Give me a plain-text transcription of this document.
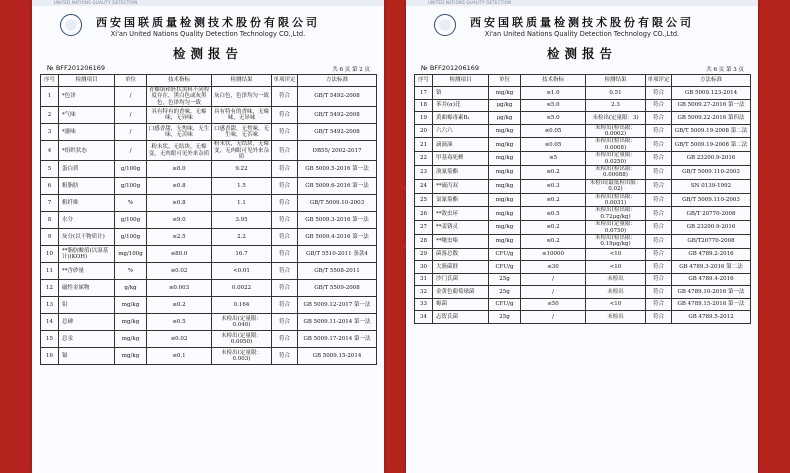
UNITED NATIONS QUALITY DETECTION
西安国联质量检测技术股份有限公司
Xi'an United Nations Quality Detection Technology CO.,Ltd.
检测报告
№ BFF201206169	共 6 页 第 2 页
序号	检测项目	单位	技术指标	检测结果	单项评定	方法标准
1	*色泽	/	青稞填和胚状黑料不同程度存在，黑白色或灰黑色，色泽均匀一致	灰白色，色泽均匀一致	符合	GB/T 5492-2008
2	*气味	/	具有特有的香味，无霉味，无异味	具有特有的香味，无霉味，无异味	符合	GB/T 5492-2008
3	*滋味	/	口感香甜，无焦味，无生味，无苦味	口感香甜，无焦味，无生味，无苦味	符合	GB/T 5492-2008
4	*组织状态	/	粉末状，无结块，无霉变，无肉眼可见外来杂质	粉末状，无结块，无霉变，无肉眼可见外来杂质	符合	DB55/ 2002-2017
5	蛋白质	g/100g	≥8.0	9.22	符合	GB 5009.5-2016 第一法
6	粗脂肪	g/100g	≥0.8	1.5	符合	GB 5009.6-2016 第一法
7	粗纤维	%	≥0.8	1.1	符合	GB/T 5009.10-2003
8	水分	g/100g	≤9.0	3.95	符合	GB 5009.3-2016 第一法
9	灰分(以干物质计)	g/100g	≤2.5	2.2	符合	GB 5009.4-2016 第一法
10	**脂肪酸值(以湿基计)(KOH)	mg/100g	≤80.0	16.7	符合	GB/T 5510-2011 条款4
11	**含砂量	%	≤0.02	<0.01	符合	GB/T 5508-2011
12	磁性金属物	g/kg	≤0.003	0.0022	符合	GB/T 5509-2008
13	铅	mg/kg	≤0.2	0.164	符合	GB 5009.12-2017 第一法
14	总砷	mg/kg	≤0.5	未检出(定量限：0.040)	符合	GB 5009.11-2014 第一法
15	总汞	mg/kg	≤0.02	未检出(定量限：0.0050)	符合	GB 5009.17-2014 第一法
16	镉	mg/kg	≤0.1	未检出(定量限：0.003)	符合	GB 5009.15-2014
UNITED NATIONS QUALITY DETECTION
西安国联质量检测技术股份有限公司
Xi'an United Nations Quality Detection Technology CO.,Ltd.
检测报告
№ BFF201206169	共 6 页 第 3 页
序号	检测项目	单位	技术指标	检测结果	单项评定	方法标准
17	铬	mg/kg	≤1.0	0.51	符合	GB 5009.123-2014
18	苯并(α)芘	μg/kg	≤5.0	2.3	符合	GB 5009.27-2016 第一法
19	黄曲霉毒素B₁	μg/kg	≤5.0	未检出(定量限：3)	符合	GB 5009.22-2016 第四法
20	六六六	mg/kg	≤0.05	未检出(检出限：0.0002)	符合	GB/T 5009.19-2008 第二法
21	滴滴涕	mg/kg	≤0.05	未检出(检出限：0.0008)	符合	GB/T 5009.19-2008 第二法
22	甲基毒死蜱	mg/kg	≤5	未检出(定量限：0.0250)	符合	GB 23200.9-2016
23	溴氰菊酯	mg/kg	≤0.2	未检出(检出限：0.00088)	符合	GB/T 5009.110-2003
24	**硫丙双	mg/kg	≤0.3	未检出(最低检出限：0.02)	符合	SN 0139-1992
25	氯氰菊酯	mg/kg	≤0.2	未检出(检出限：0.0031)	符合	GB/T 5009.110-2003
26	**敌虫环	mg/kg	≤0.5	未检出(检出限：0.72μg/kg)	符合	GB/T 20770-2008
27	**姜锈灵	mg/kg	≤0.2	未检出(定量限：0.0750)	符合	GB 23200.9-2016
28	**噻虫嗪	mg/kg	≤0.2	未检出(检出限：0.19μg/kg)	符合	GB/T20770-2008
29	菌落总数	CFU/g	≤10000	<10	符合	GB 4789.2-2016
30	大肠菌群	CFU/g	≤30	<10	符合	GB 4789.3-2016 第二法
31	沙门氏菌	25g	/	未检出	符合	GB 4789.4-2016
32	金黄色葡萄球菌	25g	/	未检出	符合	GB 4789.10-2016 第一法
33	霉菌	CFU/g	≤50	<10	符合	GB 4789.15-2016 第一法
34	志贺氏菌	25g	/	未检出	符合	GB 4789.5-2012
